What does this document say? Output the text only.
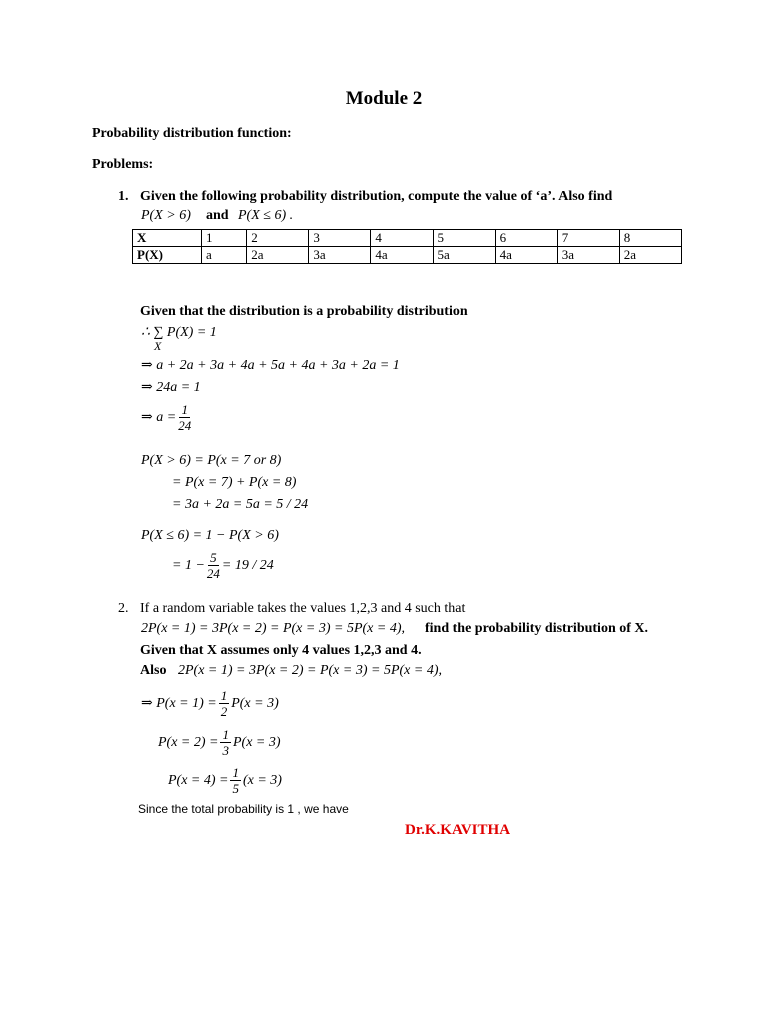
Module 2
Probability distribution function:
Problems:
1. Given the following probability distribution, compute the value of ‘a’. Also find
P(X > 6) and P(X ≤ 6) .
X	1	2	3	4	5	6	7	8
P(X)	a	2a	3a	4a	5a	4a	3a	2a
Given that the distribution is a probability distribution
∴ ∑ P(X) = 1
X
⇒ a + 2a + 3a + 4a + 5a + 4a + 3a + 2a = 1
⇒ 24a = 1
⇒ $a = \frac{1}{24}$
P(X > 6) = P(x = 7 or 8)
= P(x = 7) + P(x = 8)
= 3a + 2a = 5a = 5 / 24
P(X ≤ 6) = 1 − P(X > 6)
= $1 - \frac{5}{24} = 19 / 24$
2. If a random variable takes the values 1,2,3 and 4 such that
2P(x = 1) = 3P(x = 2) = P(x = 3) = 5P(x = 4), find the probability distribution of X.
Given that X assumes only 4 values 1,2,3 and 4.
Also 2P(x = 1) = 3P(x = 2) = P(x = 3) = 5P(x = 4),
⇒ $P(x = 1) = \frac{1}{2} P(x = 3)$
$P(x = 2) = \frac{1}{3} P(x = 3)$
$P(x = 4) = \frac{1}{5} (x = 3)$
Since the total probability is 1 , we have
Dr.K.KAVITHA
